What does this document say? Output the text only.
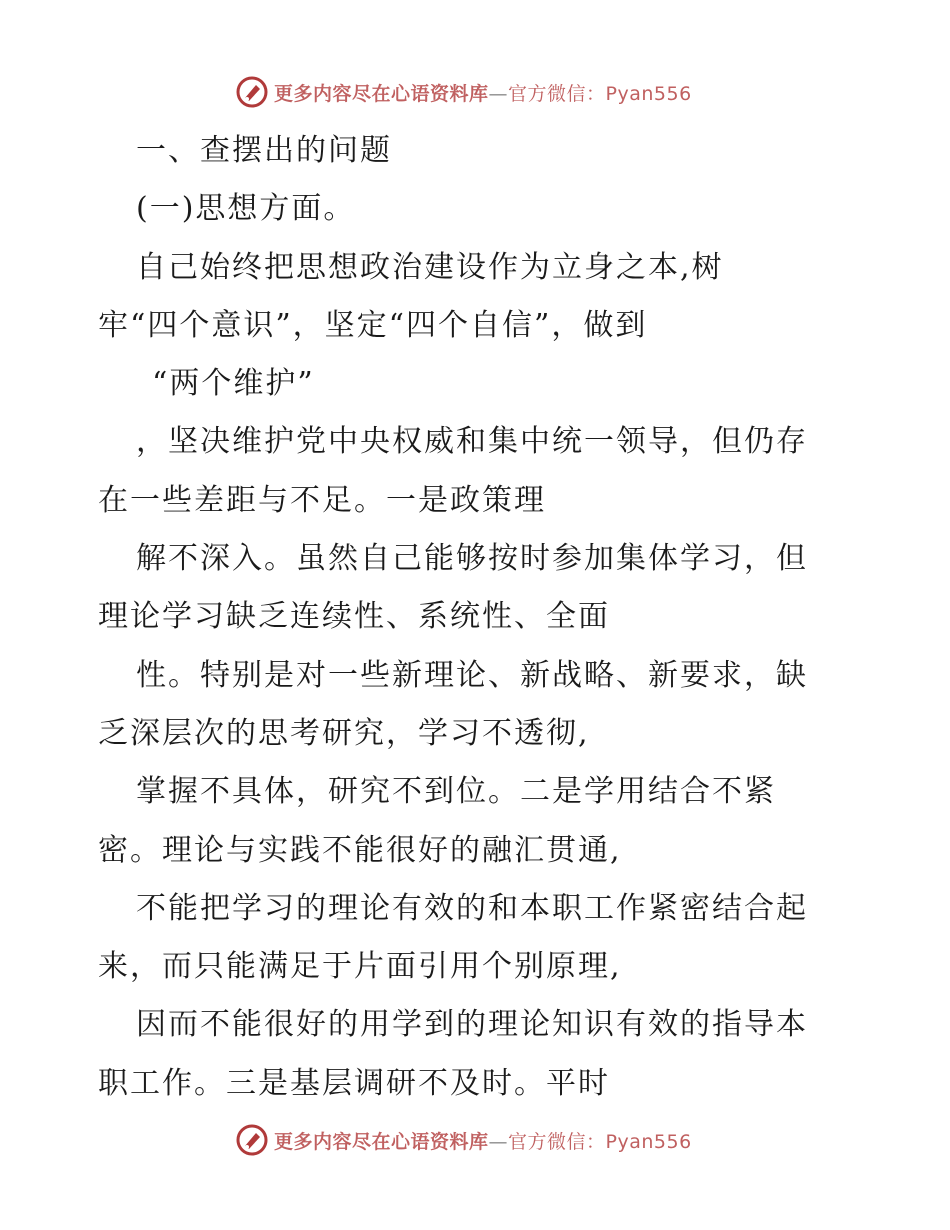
更多内容尽在心语资料库—官方微信：Pyan556
一、查摆出的问题
(一)思想方面。
自己始终把思想政治建设作为立身之本,树
牢“四个意识”，坚定“四个自信”，做到
“两个维护”
，坚决维护党中央权威和集中统一领导，但仍存
在一些差距与不足。一是政策理
解不深入。虽然自己能够按时参加集体学习，但
理论学习缺乏连续性、系统性、全面
性。特别是对一些新理论、新战略、新要求，缺
乏深层次的思考研究，学习不透彻,
掌握不具体，研究不到位。二是学用结合不紧
密。理论与实践不能很好的融汇贯通,
不能把学习的理论有效的和本职工作紧密结合起
来，而只能满足于片面引用个别原理,
因而不能很好的用学到的理论知识有效的指导本
职工作。三是基层调研不及时。平时
更多内容尽在心语资料库—官方微信：Pyan556
